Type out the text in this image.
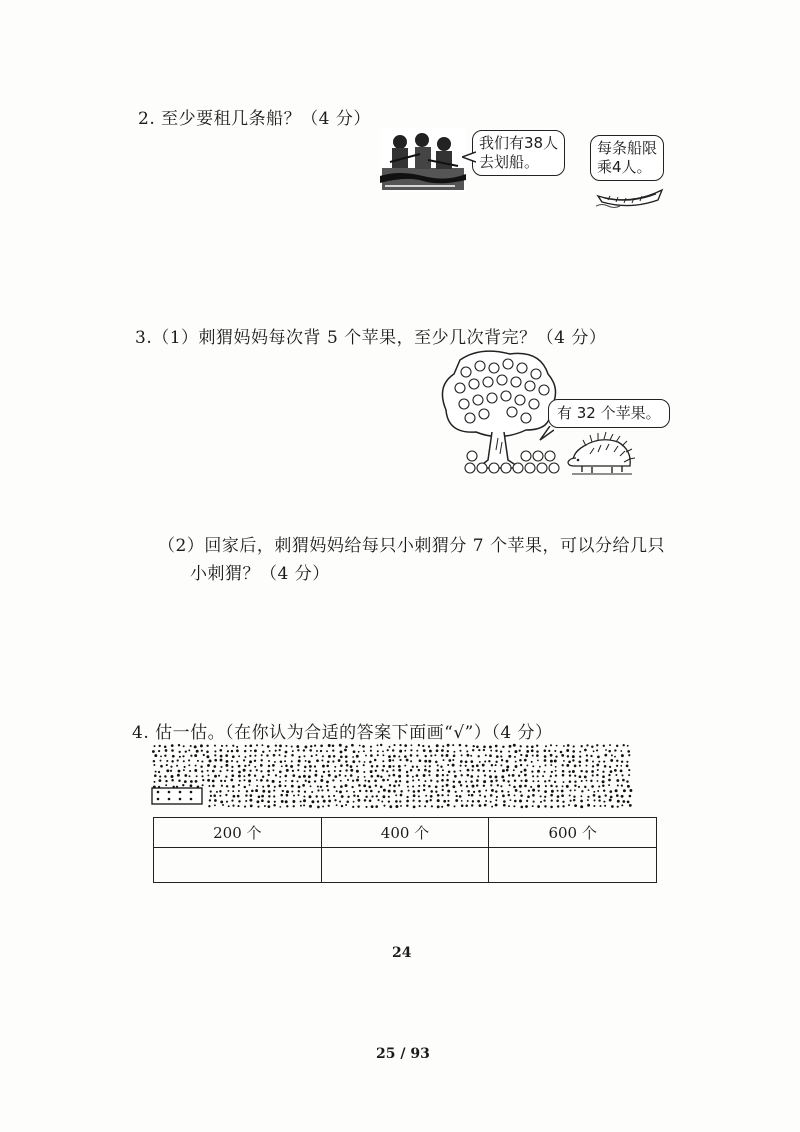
2. 至少要租几条船？（4 分）
我们有38人
去划船。
每条船限
乘4人。
3.（1）刺猬妈妈每次背 5 个苹果，至少几次背完？（4 分）
有 32 个苹果。
（2）回家后，刺猬妈妈给每只小刺猬分 7 个苹果，可以分给几只
小刺猬？（4 分）
4. 估一估。（在你认为合适的答案下面画“√”）（4 分）
200 个	400 个	600 个

24
25 / 93
